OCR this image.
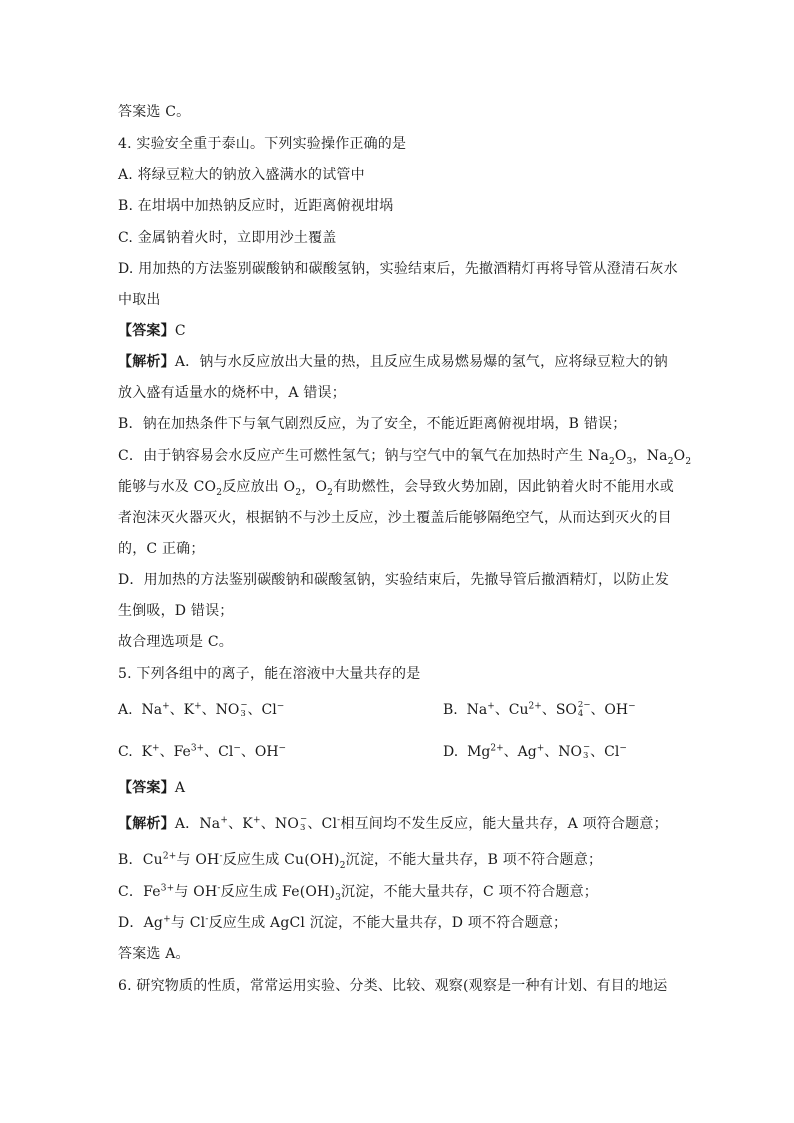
答案选 C。
4. 实验安全重于泰山。下列实验操作正确的是
A. 将绿豆粒大的钠放入盛满水的试管中
B. 在坩埚中加热钠反应时，近距离俯视坩埚
C. 金属钠着火时，立即用沙土覆盖
D. 用加热的方法鉴别碳酸钠和碳酸氢钠，实验结束后，先撤酒精灯再将导管从澄清石灰水
中取出
【答案】C
【解析】A．钠与水反应放出大量的热，且反应生成易燃易爆的氢气，应将绿豆粒大的钠
放入盛有适量水的烧杯中，A 错误；
B．钠在加热条件下与氧气剧烈反应，为了安全，不能近距离俯视坩埚，B 错误；
C．由于钠容易会水反应产生可燃性氢气；钠与空气中的氧气在加热时产生 $Na_2O_3$，$Na_2O_2$
能够与水及 $CO_2$反应放出 $O_2$，$O_2$有助燃性，会导致火势加剧，因此钠着火时不能用水或
者泡沫灭火器灭火，根据钠不与沙土反应，沙土覆盖后能够隔绝空气，从而达到灭火的目
的，C 正确；
D．用加热的方法鉴别碳酸钠和碳酸氢钠，实验结束后，先撤导管后撤酒精灯，以防止发
生倒吸，D 错误；
故合理选项是 C。
5. 下列各组中的离子，能在溶液中大量共存的是
A. Na+、K+、NO −
3 、Cl−	B. Na+、$Cu^{2+}$、SO 2−
4 、OH−
C. K+、$Fe^{3+}$、Cl−、OH−	D. $Mg^{2+}$、Ag+、NO −
3 、Cl−
【答案】A
【解析】A．Na+、K+、NO −
3 、Cl-相互间均不发生反应，能大量共存，A 项符合题意；
B．$Cu^{2+}$与 OH-反应生成 $Cu(OH)_2$沉淀，不能大量共存，B 项不符合题意；
C．$Fe^{3+}$与 OH-反应生成 $Fe(OH)_3$沉淀，不能大量共存，C 项不符合题意；
D．Ag+与 Cl-反应生成 AgCl 沉淀，不能大量共存，D 项不符合题意；
答案选 A。
6. 研究物质的性质，常常运用实验、分类、比较、观察(观察是一种有计划、有目的地运
